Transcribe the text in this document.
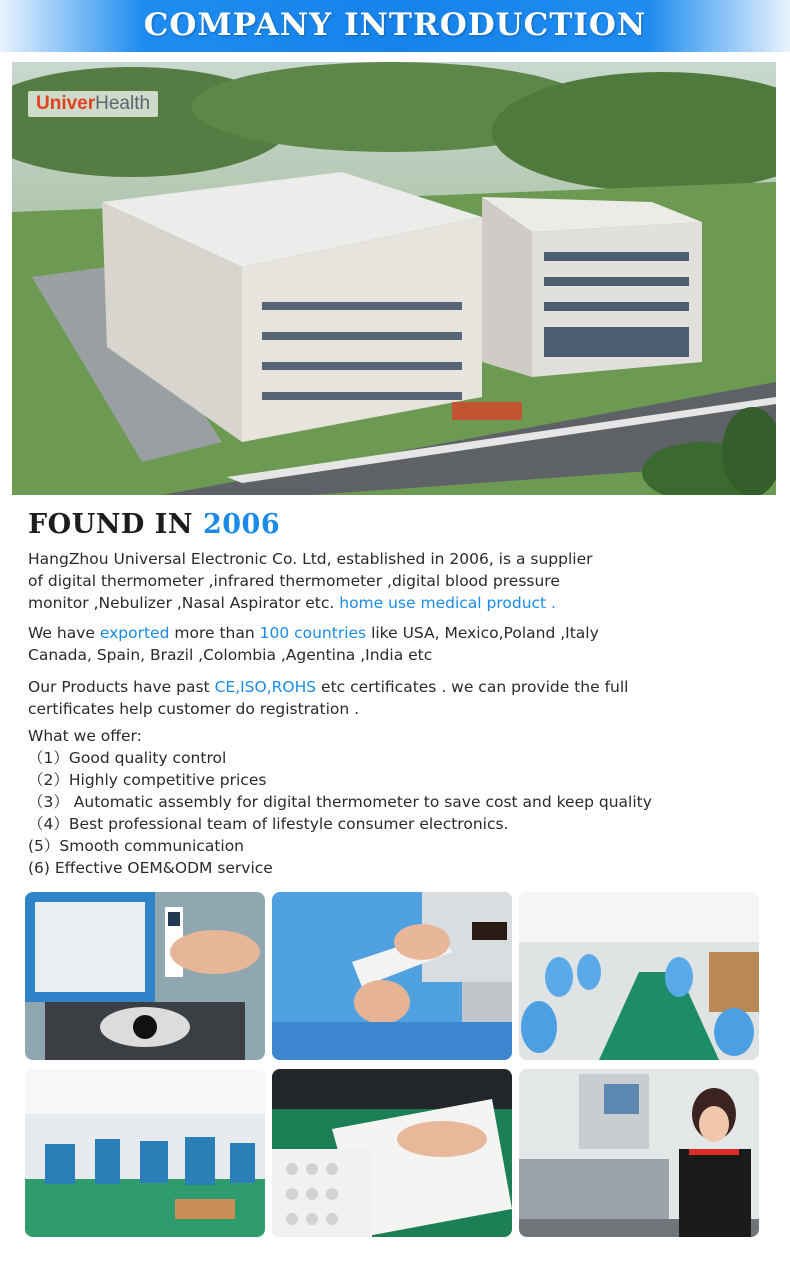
COMPANY INTRODUCTION
UniverHealth
FOUND IN 2006
HangZhou Universal Electronic Co. Ltd, established in 2006, is a supplier
of digital thermometer ,infrared thermometer ,digital blood pressure
monitor ,Nebulizer ,Nasal Aspirator etc. home use medical product .
We have exported more than 100 countries like USA, Mexico,Poland ,Italy
Canada, Spain, Brazil ,Colombia ,Agentina ,India etc
Our Products have past CE,ISO,ROHS etc certificates . we can provide the full
certificates help customer do registration .
What we offer:
（1）Good quality control
（2）Highly competitive prices
（3） Automatic assembly for digital thermometer to save cost and keep quality
（4）Best professional team of lifestyle consumer electronics.
(5）Smooth communication
(6) Effective OEM&ODM service
